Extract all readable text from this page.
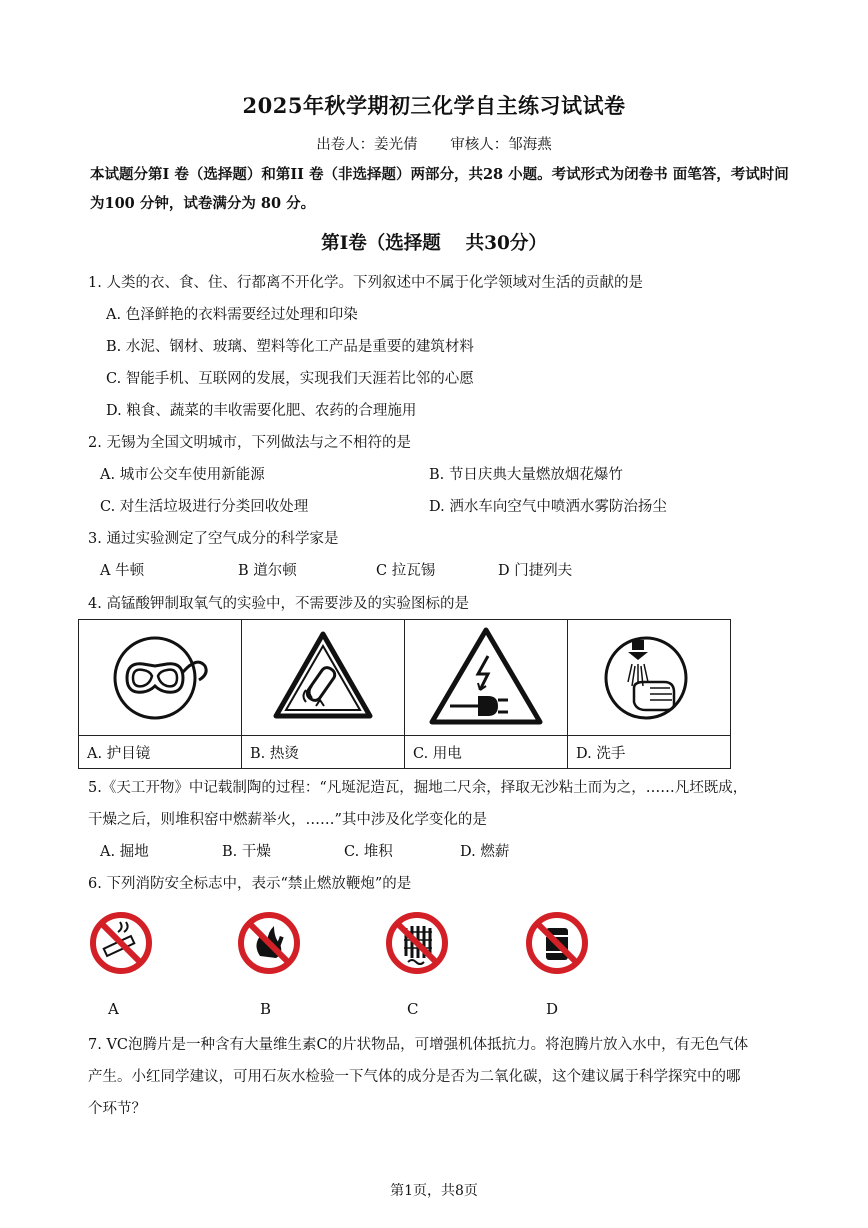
2025年秋学期初三化学自主练习试试卷
出卷人：姜光倩 审核人：邹海燕
本试题分第I 卷（选择题）和第II 卷（非选择题）两部分，共28 小题。考试形式为闭卷书 面笔答，考试时间为100 分钟，试卷满分为 80 分。
第I卷（选择题　 共30分）
1. 人类的衣、食、住、行都离不开化学。下列叙述中不属于化学领域对生活的贡献的是
A. 色泽鲜艳的衣料需要经过处理和印染
B. 水泥、钢材、玻璃、塑料等化工产品是重要的建筑材料
C. 智能手机、互联网的发展，实现我们天涯若比邻的心愿
D. 粮食、蔬菜的丰收需要化肥、农药的合理施用
2. 无锡为全国文明城市，下列做法与之不相符的是
A. 城市公交车使用新能源	B. 节日庆典大量燃放烟花爆竹
C. 对生活垃圾进行分类回收处理	D. 洒水车向空气中喷洒水雾防治扬尘
3. 通过实验测定了空气成分的科学家是
A 牛顿	B 道尔顿	C 拉瓦锡	D 门捷列夫
4. 高锰酸钾制取氧气的实验中，不需要涉及的实验图标的是

A. 护目镜	B. 热烫	C. 用电	D. 洗手
5.《天工开物》中记载制陶的过程：“凡埏泥造瓦，掘地二尺余，择取无沙粘土而为之，……凡坯既成，
干燥之后，则堆积窑中燃薪举火，……”其中涉及化学变化的是
A. 掘地	B. 干燥	C. 堆积	D. 燃薪
6. 下列消防安全标志中，表示“禁止燃放鞭炮”的是
A	B	C	D
7. VC泡腾片是一种含有大量维生素C的片状物品，可增强机体抵抗力。将泡腾片放入水中，有无色气体
产生。小红同学建议，可用石灰水检验一下气体的成分是否为二氧化碳，这个建议属于科学探究中的哪
个环节？
第1页，共8页
